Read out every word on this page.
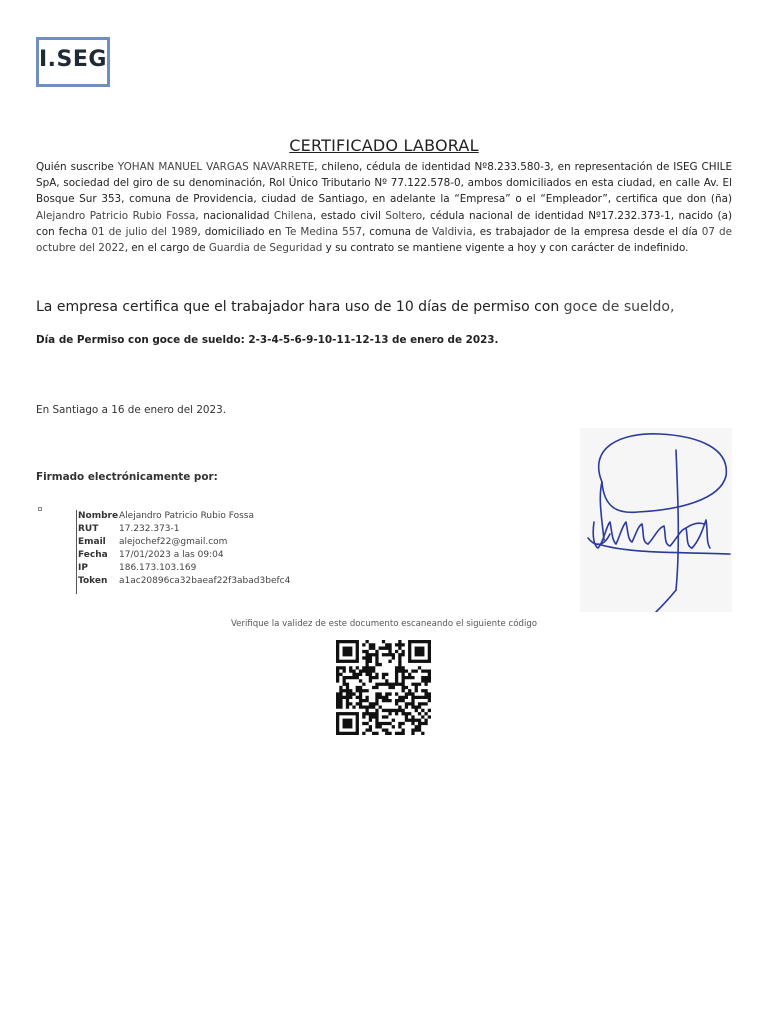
I.SEG
CERTIFICADO LABORAL
Quién suscribe YOHAN MANUEL VARGAS NAVARRETE, chileno, cédula de identidad Nº8.233.580-3, en representación de ISEG CHILE SpA, sociedad del giro de su denominación, Rol Único Tributario Nº 77.122.578-0, ambos domiciliados en esta ciudad, en calle Av. El Bosque Sur 353, comuna de Providencia, ciudad de Santiago, en adelante la “Empresa” o el “Empleador”, certifica que don (ña) Alejandro Patricio Rubio Fossa, nacionalidad Chilena, estado civil Soltero, cédula nacional de identidad Nº17.232.373-1, nacido (a) con fecha 01 de julio del 1989, domiciliado en Te Medina 557, comuna de Valdivia, es trabajador de la empresa desde el día 07 de octubre del 2022, en el cargo de Guardia de Seguridad y su contrato se mantiene vigente a hoy y con carácter de indefinido.
La empresa certifica que el trabajador hara uso de 10 días de permiso con goce de sueldo,
Día de Permiso con goce de sueldo: 2-3-4-5-6-9-10-11-12-13 de enero de 2023.
En Santiago a 16 de enero del 2023.
Firmado electrónicamente por:
Nombre Alejandro Patricio Rubio Fossa
RUT	17.232.373-1
Email	alejochef22@gmail.com
Fecha	17/01/2023 a las 09:04
IP	186.173.103.169
Token	a1ac20896ca32baeaf22f3abad3befc4
Verifique la validez de este documento escaneando el siguiente código
